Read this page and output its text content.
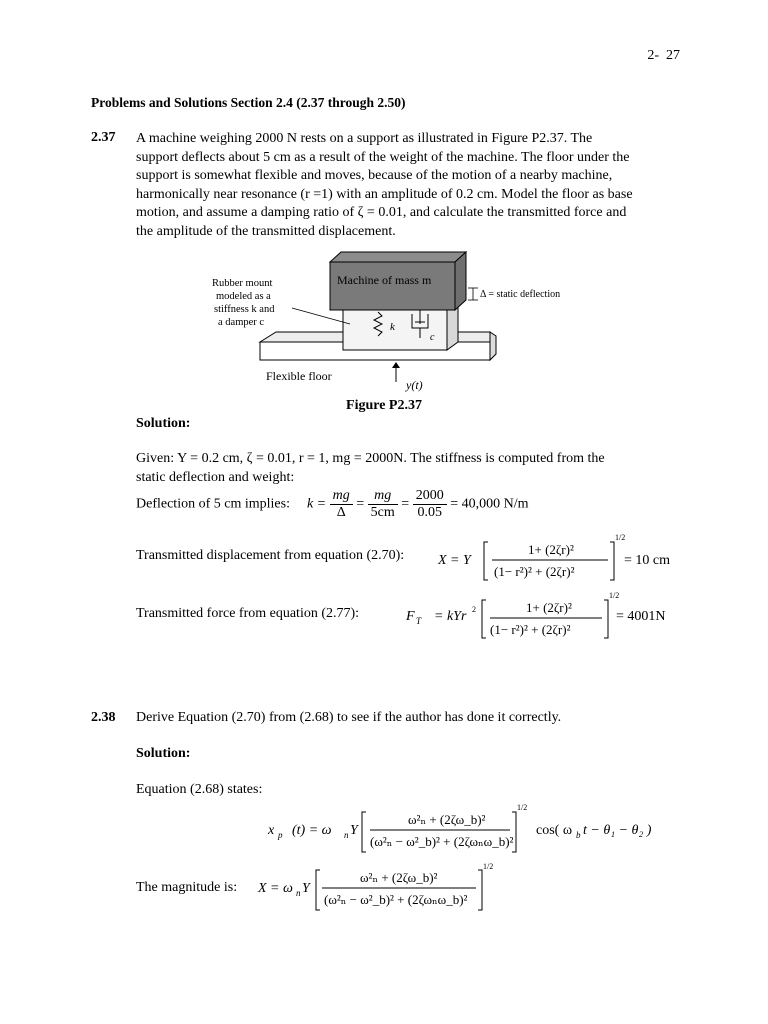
2-  27
Problems and Solutions Section 2.4 (2.37 through 2.50)
2.37 A machine weighing 2000 N rests on a support as illustrated in Figure P2.37. The
support deflects about 5 cm as a result of the weight of the machine. The floor under the
support is somewhat flexible and moves, because of the motion of a nearby machine,
harmonically near resonance (r =1) with an amplitude of 0.2 cm. Model the floor as base
motion, and assume a damping ratio of ζ = 0.01, and calculate the transmitted force and
the amplitude of the transmitted displacement.
k
c
Machine of mass m
Δ = static deflection
Rubber mount
modeled as a
stiffness k and
a damper c
Flexible floor
y(t)
Figure P2.37
Solution:
Given: Y = 0.2 cm, ζ = 0.01, r = 1, mg = 2000N. The stiffness is computed from the
static deflection and weight:
Deflection of 5 cm implies: $k = \frac{mg}{\Delta} = \frac{mg}{5cm} = \frac{2000}{0.05} = 40,000$ N/m
Transmitted displacement from equation (2.70): X = Y
1+ (2ζr)²
(1− r²)² + (2ζr)²
1/2
= 10 cm
Transmitted force from equation (2.77):	F T = kYr 2	1+ (2ζr)²
(1− r²)² + (2ζr)²
1/2
= 4001N
2.38 Derive Equation (2.70) from (2.68) to see if the author has done it correctly.
Solution:
Equation (2.68) states:
x p (t) = ω n Y
ω²ₙ + (2ζω_b)²
(ω²ₙ − ω²_b)² + (2ζωₙω_b)²
1/2
cos( ω b t − θ₁ − θ₂ )
The magnitude is: X = ω n Y
ω²ₙ + (2ζω_b)²
(ω²ₙ − ω²_b)² + (2ζωₙω_b)²
1/2
